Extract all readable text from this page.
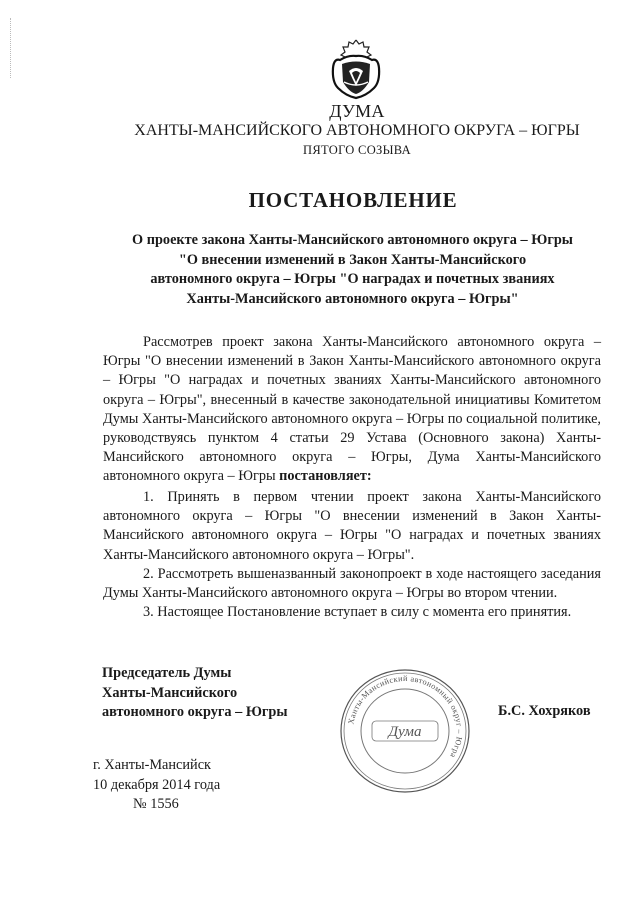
ДУМА
ХАНТЫ-МАНСИЙСКОГО АВТОНОМНОГО ОКРУГА – ЮГРЫ
ПЯТОГО СОЗЫВА
ПОСТАНОВЛЕНИЕ
О проекте закона Ханты-Мансийского автономного округа – Югры
"О внесении изменений в Закон Ханты-Мансийского
автономного округа – Югры "О наградах и почетных званиях
Ханты-Мансийского автономного округа – Югры"
Рассмотрев проект закона Ханты-Мансийского автономного округа – Югры "О внесении изменений в Закон Ханты-Мансийского автономного округа – Югры "О наградах и почетных званиях Ханты-Мансийского автономного округа – Югры", внесенный в качестве законодательной инициативы Комитетом Думы Ханты-Мансийского автономного округа – Югры по социальной политике, руководствуясь пунктом 4 статьи 29 Устава (Основного закона) Ханты-Мансийского автономного округа – Югры, Дума Ханты-Мансийского автономного округа – Югры постановляет:

1. Принять в первом чтении проект закона Ханты-Мансийского автономного округа – Югры "О внесении изменений в Закон Ханты-Мансийского автономного округа – Югры "О наградах и почетных званиях Ханты-Мансийского автономного округа – Югры".

2. Рассмотреть вышеназванный законопроект в ходе настоящего заседания Думы Ханты-Мансийского автономного округа – Югры во втором чтении.

3. Настоящее Постановление вступает в силу с момента его принятия.

Председатель Думы
Ханты-Мансийского
автономного округа – Югры
Ханты-Мансийский автономный округ – Югра
Дума
Б.С. Хохряков
г. Ханты-Мансийск
10 декабря 2014 года
№ 1556
